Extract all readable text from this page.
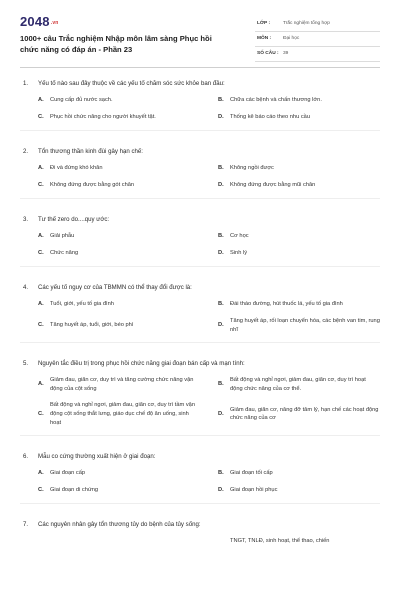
2048.vn
1000+ câu Trắc nghiệm Nhập môn lâm sàng Phục hồi chức năng có đáp án - Phần 23
LỚP :	Trắc nghiệm tổng hợp
MÔN : Đại học
SỐ CÂU : 39
1. Yếu tố nào sau đây thuộc về các yếu tố chăm sóc sức khỏe ban đầu:
A.	Cung cấp đủ nước sạch.	B.	Chữa các bệnh và chấn thương lớn.
C.	Phục hồi chức năng cho người khuyết tật.	D.	Thống kê báo cáo theo nhu cầu
2. Tổn thương thần kinh đùi gây hạn chế:
A.	Đi và đứng khó khăn	B.	Không ngồi được
C.	Không đứng được bằng gót chân	D.	Không đứng được bằng mũi chân
3. Tư thế zero do....quy ước:
A.	Giải phẫu	B.	Cơ học
C.	Chức năng	D.	Sinh lý
4. Các yếu tố nguy cơ của TBMMN có thể thay đổi được là:
A.	Tuổi, giới, yếu tố gia đình	B.	Đái tháo đường, hút thuốc lá, yếu tố gia đình
C.	Tăng huyết áp, tuổi, giới, béo phì	D.
Tăng huyết áp, rối loạn chuyển hóa, các bệnh van tim, rung nhĩ
5. Nguyên tắc điều trị trong phục hồi chức năng giai đoạn bán cấp và mạn tính:
A.
Giảm đau, giãn cơ, duy trì và tăng cường chức năng vận động của cột sống
B.
Bất động và nghỉ ngơi, giảm đau, giãn cơ, duy trì hoạt động chức năng của cơ thể.
C.
Bất động và nghỉ ngơi, giảm đau, giãn cơ, duy trì tầm vận động cột sống thắt lưng, giáo dục chế độ ăn uống, sinh hoạt
D.
Giảm đau, giãn cơ, nâng đỡ tâm lý, hạn chế các hoạt động chức năng của cơ
6. Mẫu co cứng thường xuất hiện ở giai đoạn:
A.	Giai đoạn cấp	B.	Giai đoạn tối cấp
C.	Giai đoạn di chứng	D.	Giai đoạn hồi phục
7. Các nguyên nhân gây tổn thương tủy do bệnh của tủy sống:
TNGT, TNLĐ, sinh hoạt, thể thao, chiến
